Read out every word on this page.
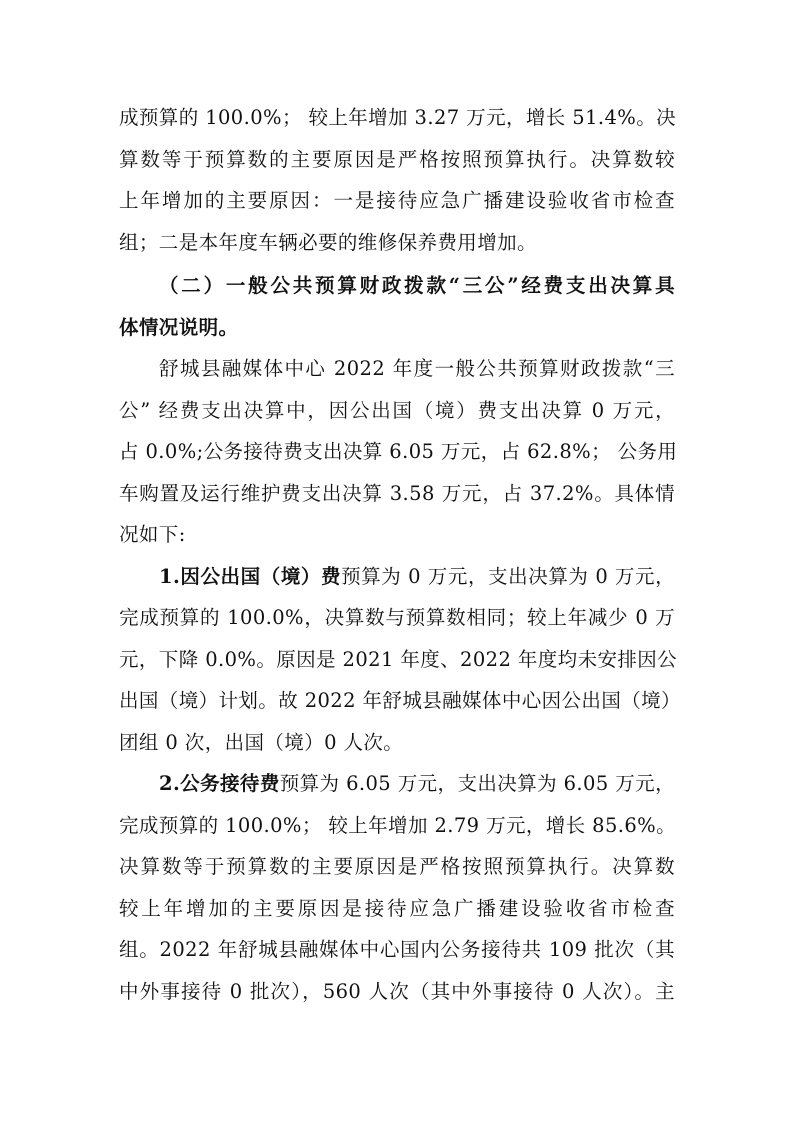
成预算的 100.0%； 较上年增加 3.27 万元，增长 51.4%。决
算数等于预算数的主要原因是严格按照预算执行。决算数较
上年增加的主要原因：一是接待应急广播建设验收省市检查
组；二是本年度车辆必要的维修保养费用增加。
（二）一般公共预算财政拨款“三公”经费支出决算具
体情况说明。
舒城县融媒体中心 2022 年度一般公共预算财政拨款“三
公” 经费支出决算中，因公出国（境）费支出决算 0 万元，
占 0.0%;公务接待费支出决算 6.05 万元，占 62.8%； 公务用
车购置及运行维护费支出决算 3.58 万元，占 37.2%。具体情
况如下:
1.因公出国（境）费预算为 0 万元，支出决算为 0 万元，
完成预算的 100.0%，决算数与预算数相同；较上年减少 0 万
元，下降 0.0%。原因是 2021 年度、2022 年度均未安排因公
出国（境）计划。故 2022 年舒城县融媒体中心因公出国（境）
团组 0 次，出国（境）0 人次。
2.公务接待费预算为 6.05 万元，支出决算为 6.05 万元，
完成预算的 100.0%； 较上年增加 2.79 万元，增长 85.6%。
决算数等于预算数的主要原因是严格按照预算执行。决算数
较上年增加的主要原因是接待应急广播建设验收省市检查
组。2022 年舒城县融媒体中心国内公务接待共 109 批次（其
中外事接待 0 批次），560 人次（其中外事接待 0 人次）。主
